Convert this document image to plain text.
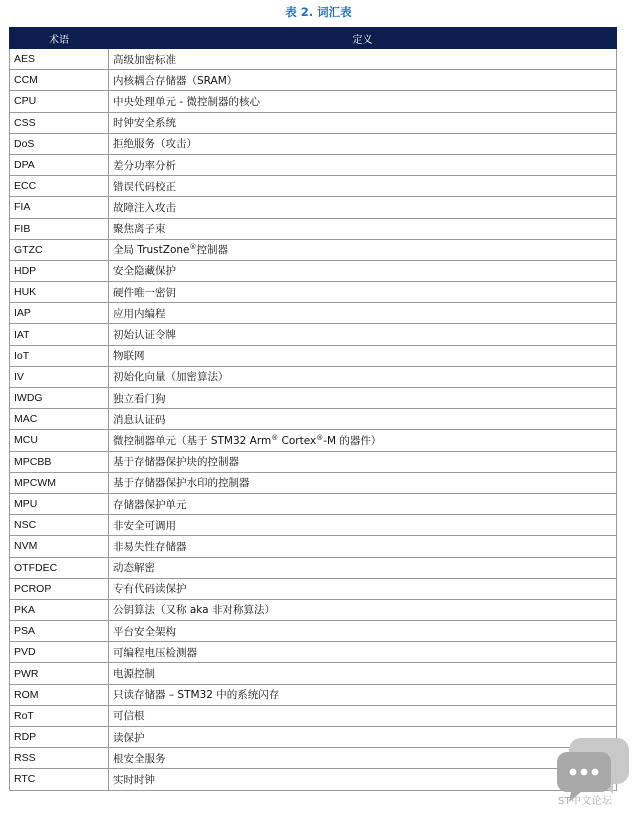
表 2. 词汇表
术语	定义
AES	高级加密标准
CCM	内核耦合存储器（SRAM）
CPU	中央处理单元 - 微控制器的核心
CSS	时钟安全系统
DoS	拒绝服务（攻击）
DPA	差分功率分析
ECC	错误代码校正
FIA	故障注入攻击
FIB	聚焦离子束
GTZC	全局 TrustZone®控制器
HDP	安全隐藏保护
HUK	硬件唯一密钥
IAP	应用内编程
IAT	初始认证令牌
IoT	物联网
IV	初始化向量（加密算法）
IWDG	独立看门狗
MAC	消息认证码
MCU	微控制器单元（基于 STM32 Arm® Cortex®-M 的器件）
MPCBB	基于存储器保护块的控制器
MPCWM	基于存储器保护水印的控制器
MPU	存储器保护单元
NSC	非安全可调用
NVM	非易失性存储器
OTFDEC	动态解密
PCROP	专有代码读保护
PKA	公钥算法（又称 aka 非对称算法）
PSA	平台安全架构
PVD	可编程电压检测器
PWR	电源控制
ROM	只读存储器 – STM32 中的系统闪存
RoT	可信根
RDP	读保护
RSS	根安全服务
RTC	实时时钟
ST中文论坛
